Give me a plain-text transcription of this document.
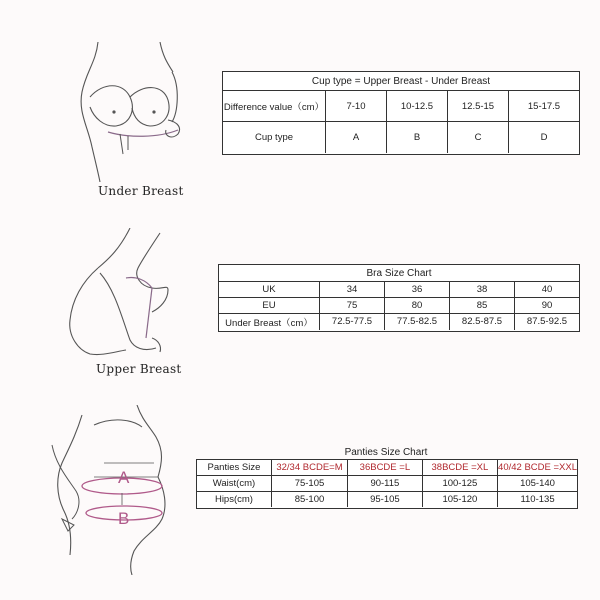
Under Breast
Cup type = Upper Breast - Under Breast
Difference value（cm）	7-10	10-12.5	12.5-15	15-17.5
Cup type	A	B	C	D
Upper Breast
Bra Size Chart
UK	34	36	38	40
EU	75	80	85	90
Under Breast（cm）	72.5-77.5	77.5-82.5	82.5-87.5	87.5-92.5
A
B
Panties Size Chart
Panties Size	32/34 BCDE=M	36BCDE =L	38BCDE =XL	40/42 BCDE =XXL
Waist(cm)	75-105	90-115	100-125	105-140
Hips(cm)	85-100	95-105	105-120	110-135
